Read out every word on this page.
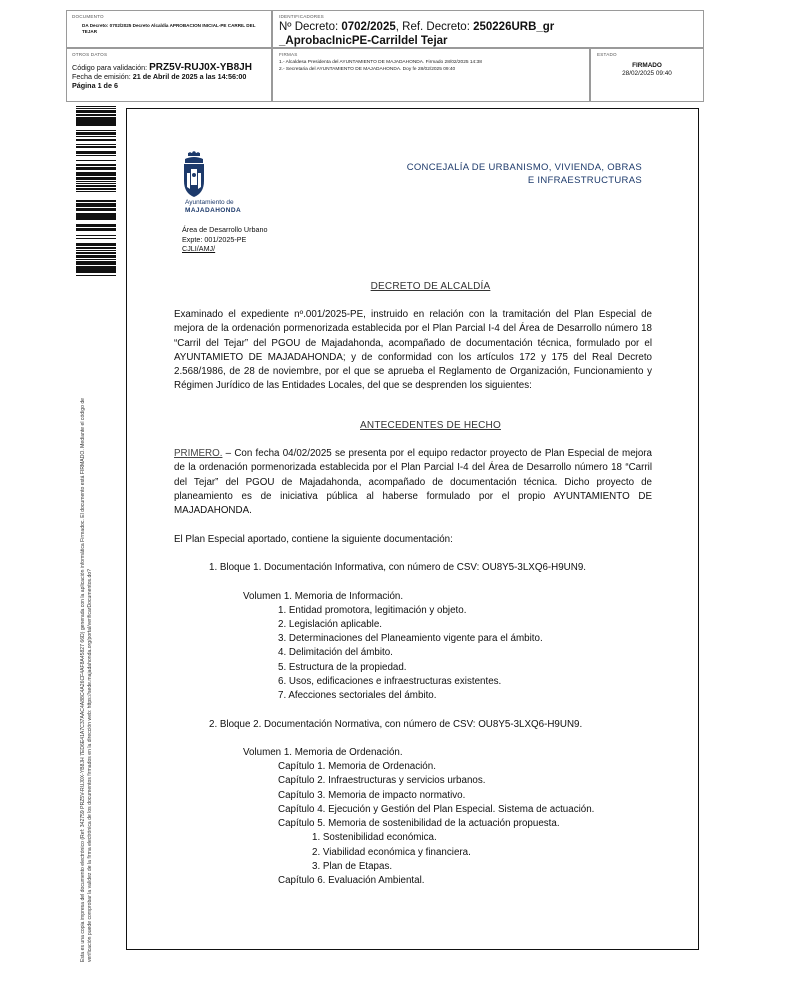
DOCUMENTO
DA Decreto: 0702/2025 Decreto Alcaldía APROBACION INICIAL-PE CARRIL DEL TEJAR
IDENTIFICADORES
Nº Decreto: 0702/2025, Ref. Decreto: 250226URB_gr
_AprobacInicPE-Carrildel Tejar
OTROS DATOS
Código para validación: PRZ5V-RUJ0X-YB8JH
Fecha de emisión: 21 de Abril de 2025 a las 14:56:00
Página 1 de 6
FIRMAS
1.- Alcaldesa Presidenta del AYUNTAMIENTO DE MAJADAHONDA. Firmado 28/02/2025 14:38
2.- Secretaria del AYUNTAMIENTO DE MAJADAHONDA. Doy fe 28/02/2025 09:40
ESTADO
FIRMADO
28/02/2025 09:40
Esta es una copia impresa del documento electrónico (Ref: 342759 PRZ5V-RUJ0X-YB8JH 7ED6E41A7C37AAC4A88C4A26CF4AF8A45827 66D) generada con la aplicación informática Firmadoc. El documento está FIRMADO. Mediante el código de verificación puede comprobar la validez de la firma electrónica de los documentos firmados en la dirección web: https://sede.majadahonda.org/portal/verificarDocumentos.do?
Ayuntamiento de
MAJADAHONDA
CONCEJALÍA DE URBANISMO, VIVIENDA, OBRAS
E INFRAESTRUCTURAS
Área de Desarrollo Urbano
Expte: 001/2025-PE
CJLI/AMJ/
DECRETO DE ALCALDÍA
Examinado el expediente nº.001/2025-PE, instruido en relación con la tramitación del Plan Especial de mejora de la ordenación pormenorizada establecida por el Plan Parcial I-4 del Área de Desarrollo número 18 “Carril del Tejar” del PGOU de Majadahonda, acompañado de documentación técnica, formulado por el AYUNTAMIETO DE MAJADAHONDA; y de conformidad con los artículos 172 y 175 del Real Decreto 2.568/1986, de 28 de noviembre, por el que se aprueba el Reglamento de Organización, Funcionamiento y Régimen Jurídico de las Entidades Locales, del que se desprenden los siguientes:
ANTECEDENTES DE HECHO
PRIMERO. – Con fecha 04/02/2025 se presenta por el equipo redactor proyecto de Plan Especial de mejora de la ordenación pormenorizada establecida por el Plan Parcial I-4 del Área de Desarrollo número 18 “Carril del Tejar” del PGOU de Majadahonda, acompañado de documentación técnica. Dicho proyecto de planeamiento es de iniciativa pública al haberse formulado por el propio AYUNTAMIENTO DE MAJADAHONDA.
El Plan Especial aportado, contiene la siguiente documentación:
1. Bloque 1. Documentación Informativa, con número de CSV: OU8Y5-3LXQ6-H9UN9.
Volumen 1. Memoria de Información.
1. Entidad promotora, legitimación y objeto.
2. Legislación aplicable.
3. Determinaciones del Planeamiento vigente para el ámbito.
4. Delimitación del ámbito.
5. Estructura de la propiedad.
6. Usos, edificaciones e infraestructuras existentes.
7. Afecciones sectoriales del ámbito.
2. Bloque 2. Documentación Normativa, con número de CSV: OU8Y5-3LXQ6-H9UN9.
Volumen 1. Memoria de Ordenación.
Capítulo 1. Memoria de Ordenación.
Capítulo 2. Infraestructuras y servicios urbanos.
Capítulo 3. Memoria de impacto normativo.
Capítulo 4. Ejecución y Gestión del Plan Especial. Sistema de actuación.
Capítulo 5. Memoria de sostenibilidad de la actuación propuesta.
1. Sostenibilidad económica.
2. Viabilidad económica y financiera.
3. Plan de Etapas.
Capítulo 6. Evaluación Ambiental.
